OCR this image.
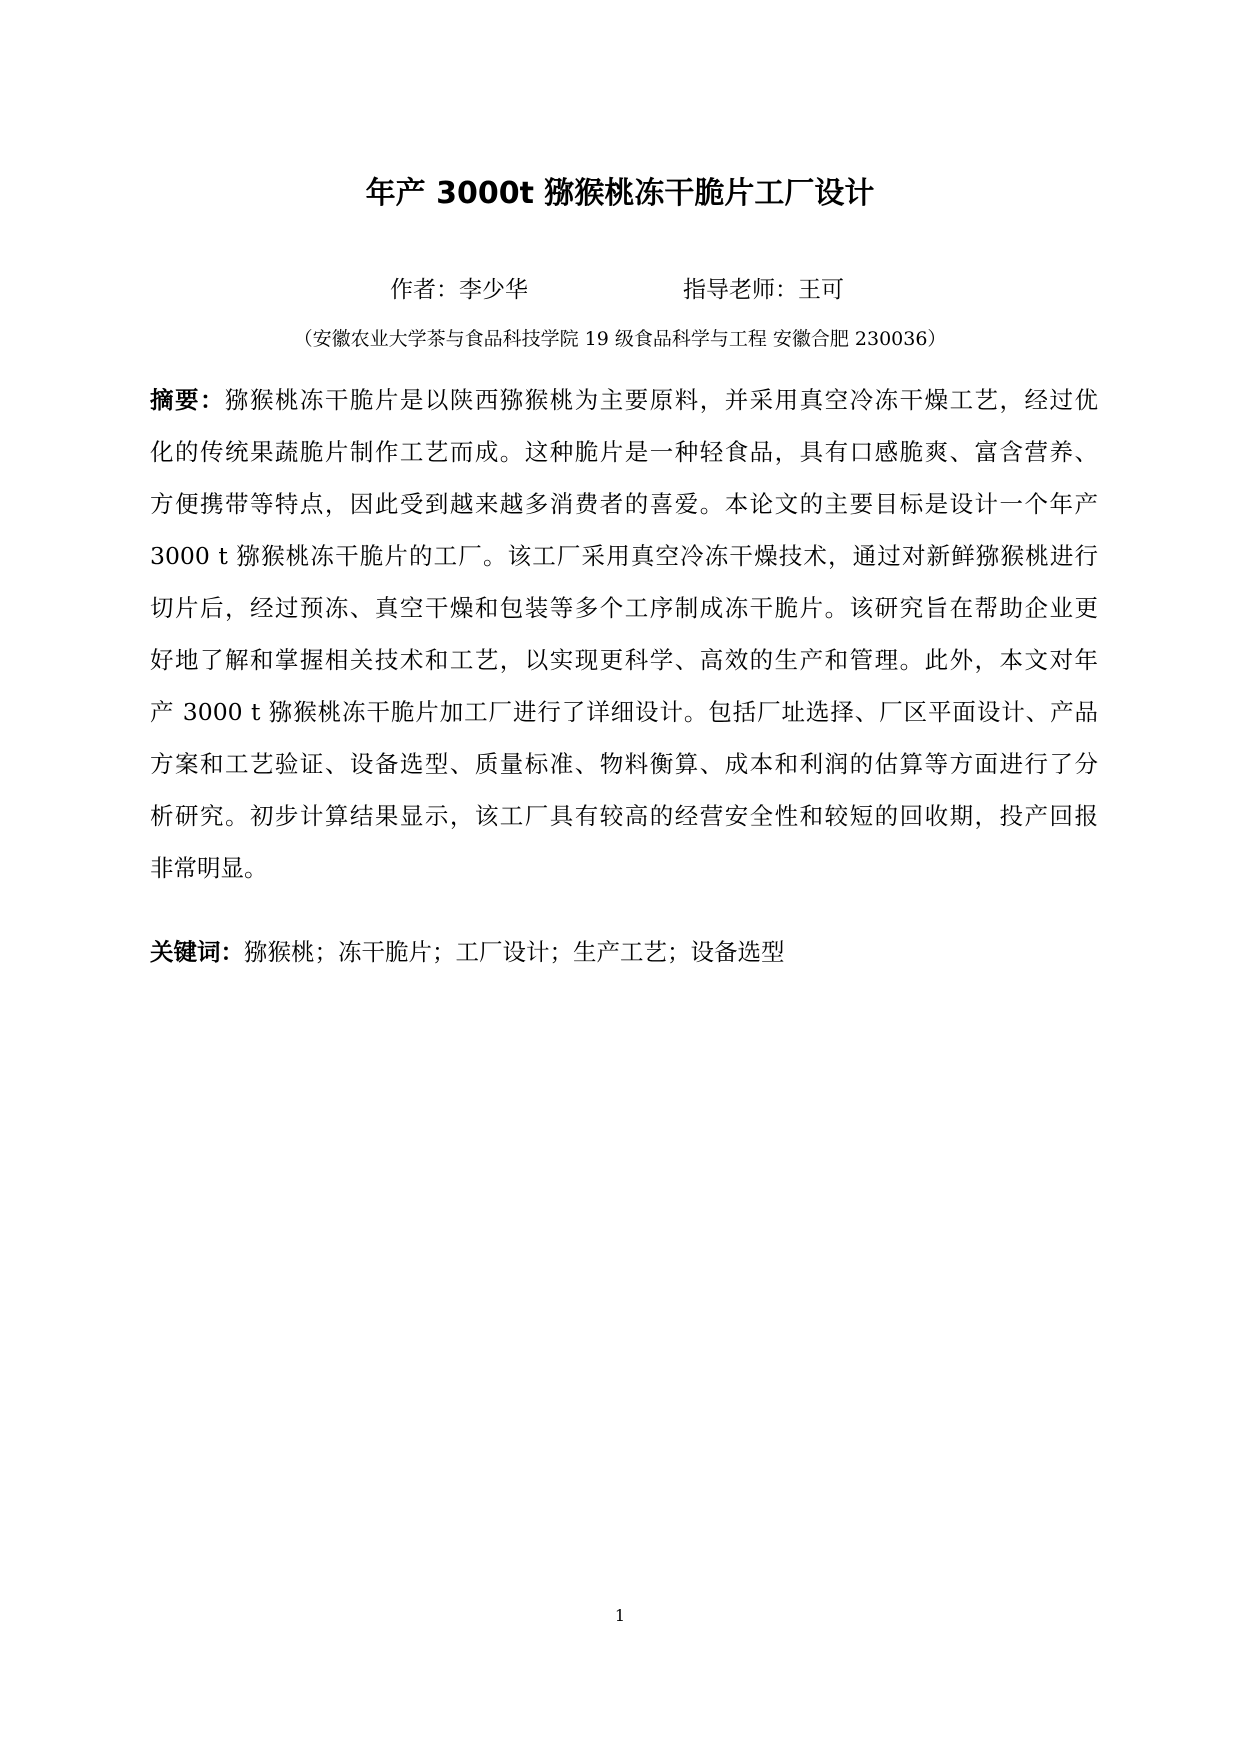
年产 3000t 猕猴桃冻干脆片工厂设计
作者：李少华	指导老师：王可
（安徽农业大学茶与食品科技学院 19 级食品科学与工程 安徽合肥 230036）
摘要：猕猴桃冻干脆片是以陕西猕猴桃为主要原料，并采用真空冷冻干燥工艺，经过优
化的传统果蔬脆片制作工艺而成。这种脆片是一种轻食品，具有口感脆爽、富含营养、
方便携带等特点，因此受到越来越多消费者的喜爱。本论文的主要目标是设计一个年产
3000 t 猕猴桃冻干脆片的工厂。该工厂采用真空冷冻干燥技术，通过对新鲜猕猴桃进行
切片后，经过预冻、真空干燥和包装等多个工序制成冻干脆片。该研究旨在帮助企业更
好地了解和掌握相关技术和工艺，以实现更科学、高效的生产和管理。此外，本文对年
产 3000 t 猕猴桃冻干脆片加工厂进行了详细设计。包括厂址选择、厂区平面设计、产品
方案和工艺验证、设备选型、质量标准、物料衡算、成本和利润的估算等方面进行了分
析研究。初步计算结果显示，该工厂具有较高的经营安全性和较短的回收期，投产回报
非常明显。
关键词：猕猴桃；冻干脆片；工厂设计；生产工艺；设备选型
1
